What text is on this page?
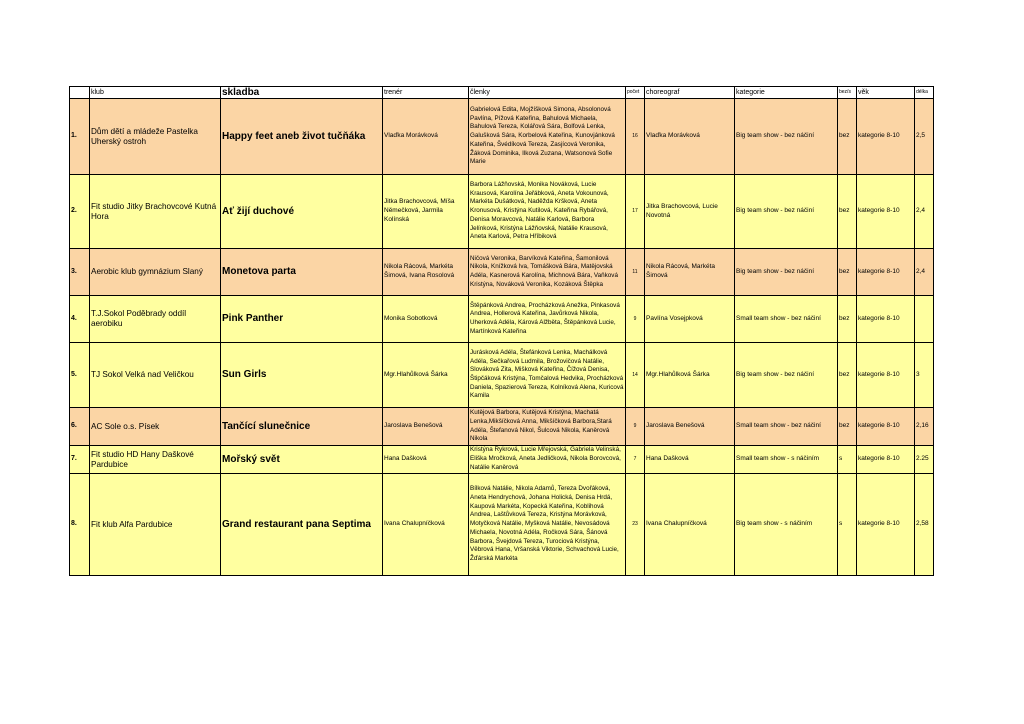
	klub	skladba	trenér	členky	počet	choreograf	kategorie	bez/s	věk	délka
1.	Dům dětí a mládeže Pastelka Uherský ostroh	Happy feet aneb život tučňáka	Vlaďka Morávková	Gabrielová Edita, Mojžíšková Simona, Absolonová Pavlína, Pížová Kateřina, Bahulová Michaela, Bahulová Tereza, Kolářová Sára, Bolfová Lenka, Galušková Sára, Korbelová Kateřina, Kunovjánková Kateřina, Švédíková Tereza, Zasjícová Veronika, Žáková Dominika, Ilková Zuzana, Watsonová Sofie Marie	16	Vlaďka Morávková	Big team show - bez náčiní	bez	kategorie 8-10	2,5
2.	Fit studio Jitky Brachovcové Kutná Hora	Ať žijí duchové	Jitka Brachovcová, Míša Němečková, Jarmila Kolínská	Barbora Lážňovská, Monika Nováková, Lucie Krausová, Karolína Jeřábková, Aneta Vokounová, Markéta Dušátková, Naděžda Kršková, Aneta Kronusová, Kristýna Kutilová, Kateřina Rybářová, Denisa Moravcová, Natálie Karlová, Barbora Jelínková, Kristýna Lážňovská, Natálie Krausová, Aneta Karlová, Petra Hříbiková	17	Jitka Brachovcová, Lucie Novotná	Big team show - bez náčiní	bez	kategorie 8-10	2,4
3.	Aerobic klub gymnázium Slaný	Monetova parta	Nikola Rácová, Markéta Šimová, Ivana Rosolová	Ničová Veronika, Barvíková Kateřina, Šamonilová Nikola, Knížková Iva, Tomášková Bára, Matějovská Adéla, Kasnerová Karolína, Michnová Bára, Vaňková Kristýna, Nováková Veronika, Kozáková Štěpka	11	Nikola Rácová, Markéta Šimová	Big team show - bez náčiní	bez	kategorie 8-10	2,4
4.	T.J.Sokol Poděbrady oddíl aerobiku	Pink Panther	Monika Sobotková	Štěpánková Andrea, Procházková Anežka, Pinkasová Andrea, Hollerová Kateřina, Javůrková Nikola, Uherková Adéla, Kárová Alžběta, Štěpánková Lucie, Martínková Kateřina	9	Pavlína Vosejpková	Small team show - bez náčiní	bez	kategorie 8-10	
5.	TJ Sokol Velká nad Veličkou	Sun Girls	Mgr.Hlahůlková Šárka	Jurásková Adéla, Štefánková Lenka, Machálková Adéla, Sečkařová Ludmila, Brožovičová Natálie, Slováková Zita, Mišková Kateřina, Čížová Denisa, Štipčáková Kristýna, Tomčalová Hedvika, Procházková Daniela, Spazierová Tereza, Kolníková Alena, Kuricová Kamila	14	Mgr.Hlahůlková Šárka	Big team show - bez náčiní	bez	kategorie 8-10	3
6.	AC Sole o.s. Písek	Tančící slunečnice	Jaroslava Benešová	Kutějová Barbora, Kutějová Kristýna, Machatá Lenka,Mikšíčková Anna, Mikšíčková Barbora,Stará Adéla, Štefanová Nikol, Šulcová Nikola, Kaněrová Nikola	9	Jaroslava Benešová	Small team show - bez náčiní	bez	kategorie 8-10	2,16
7.	Fit studio HD Hany Daškové Pardubice	Mořský svět	Hana Dašková	Kristýna Rykrová, Lucie Mřejovská, Gabriela Velinská, Eliška Mročková, Aneta Jedličková, Nikola Borovcová, Natálie Kaněrová	7	Hana Dašková	Small team show - s náčiním	s	kategorie 8-10	2.25
8.	Fit klub Alfa Pardubice	Grand restaurant pana Septima	Ivana Chalupníčková	Bílková Natálie, Nikola Adamů, Tereza Dvořáková, Aneta Hendrychová, Johana Holická, Denisa Hrdá, Kaupová Markéta, Kopecká Kateřina, Koblihová Andrea, Laštůvková Tereza, Kristýna Morávková, Motyčková Natálie, Myšková Natálie, Nevosádová Michaela, Novotná Adéla, Ročková Sára, Šánová Barbora, Švejdová Tereza, Turociová Kristýna, Věbrová Hana, Vršanská Viktorie, Schvachová Lucie, Žďárská Markéta	23	Ivana Chalupníčková	Big team show - s náčiním	s	kategorie 8-10	2,58
